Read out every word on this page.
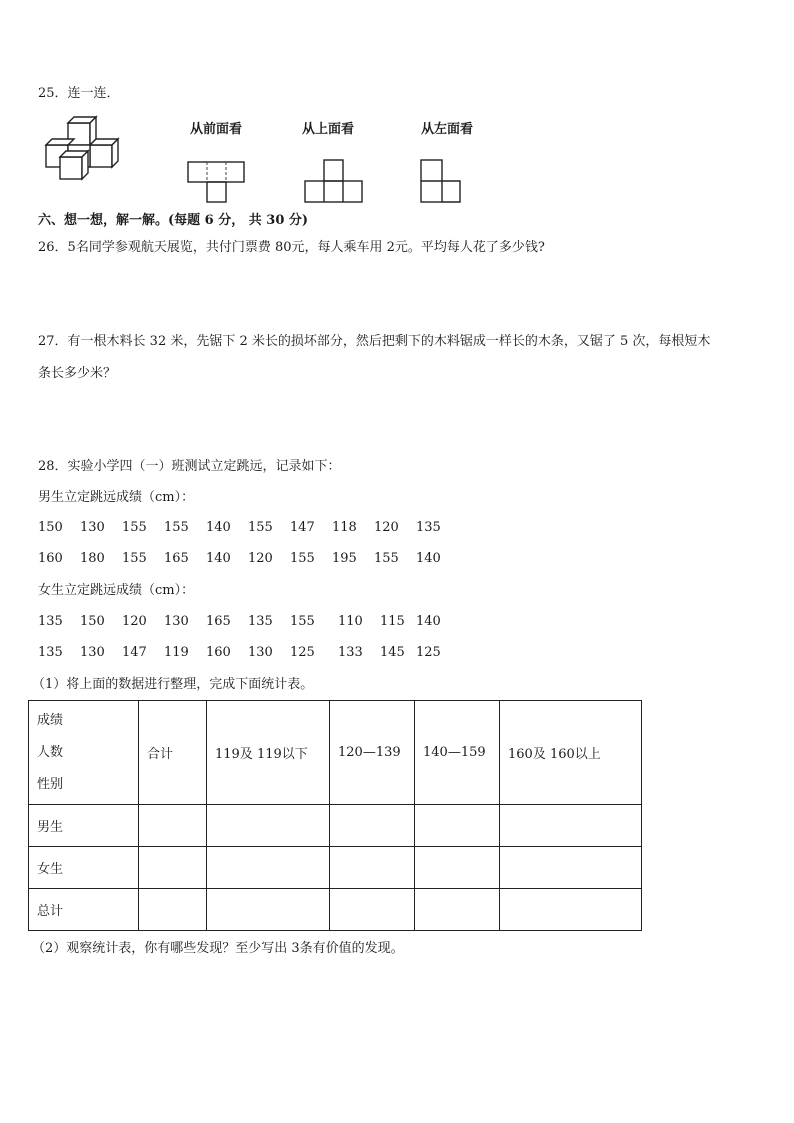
25．连一连．
从前面看	从上面看	从左面看
六、想一想，解一解。(每题 6 分， 共 30 分)
26．5名同学参观航天展览，共付门票费 80元，每人乘车用 2元。平均每人花了多少钱?
27．有一根木料长 32 米，先锯下 2 米长的损坏部分，然后把剩下的木料锯成一样长的木条，又锯了 5 次，每根短木
条长多少米？
28．实验小学四（一）班测试立定跳远，记录如下：
男生立定跳远成绩（cm）：
150 130 155 155 140 155 147 118 120 135
160 180 155 165 140 120 155 195 155 140
女生立定跳远成绩（cm）：
135 150 120 130 165 135 155 110 115 140
135 130 147 119 160 130 125 133 145 125
（1）将上面的数据进行整理，完成下面统计表。
成绩
人数
性别	合计	119及 119以下	120—139	140—159	160及 160以上
男生					
女生					
总计					
（2）观察统计表，你有哪些发现？至少写出 3条有价值的发现。
